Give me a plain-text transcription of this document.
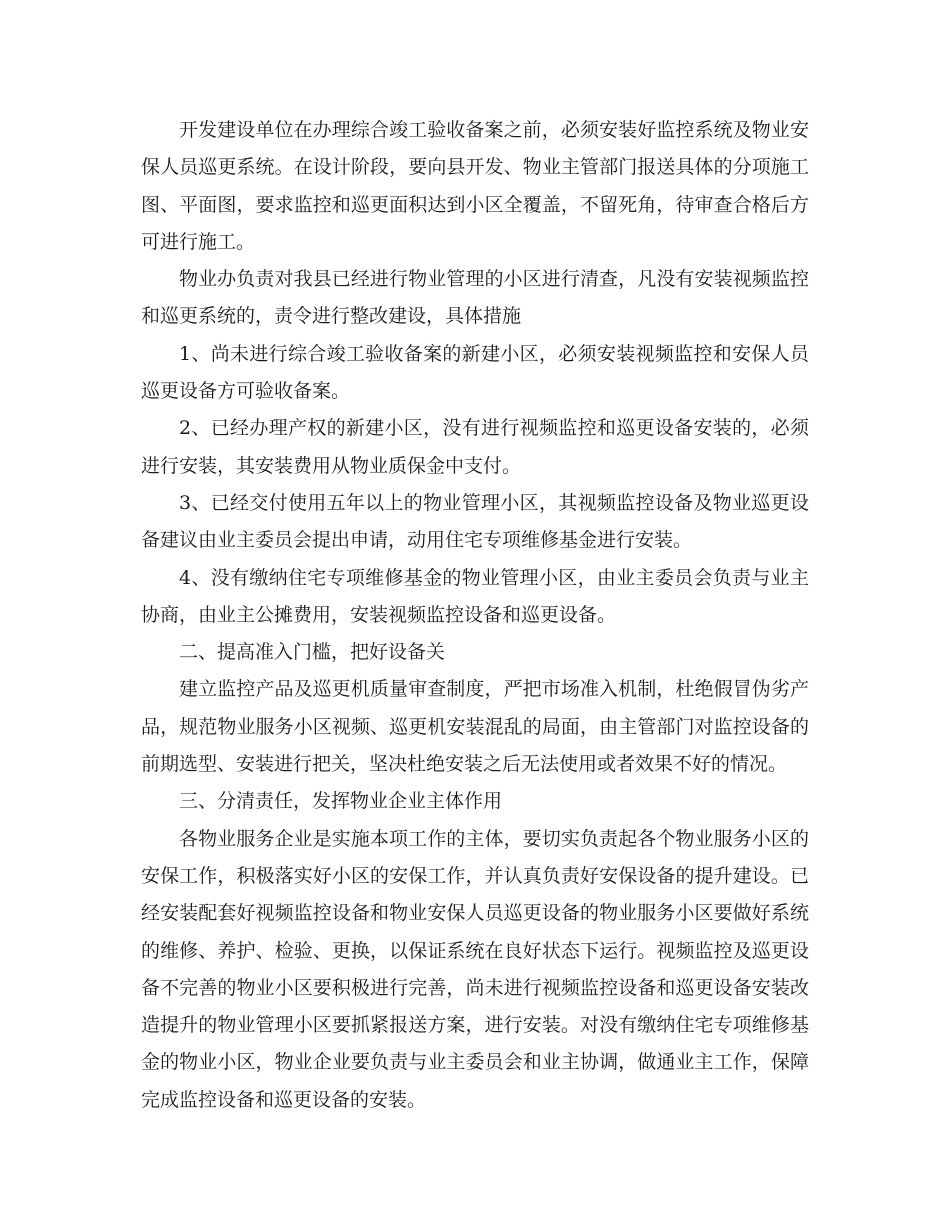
开发建设单位在办理综合竣工验收备案之前，必须安装好监控系统及物业安保人员巡更系统。在设计阶段，要向县开发、物业主管部门报送具体的分项施工图、平面图，要求监控和巡更面积达到小区全覆盖，不留死角，待审查合格后方可进行施工。

物业办负责对我县已经进行物业管理的小区进行清查，凡没有安装视频监控和巡更系统的，责令进行整改建设，具体措施

1、尚未进行综合竣工验收备案的新建小区，必须安装视频监控和安保人员巡更设备方可验收备案。

2、已经办理产权的新建小区，没有进行视频监控和巡更设备安装的，必须进行安装，其安装费用从物业质保金中支付。

3、已经交付使用五年以上的物业管理小区，其视频监控设备及物业巡更设备建议由业主委员会提出申请，动用住宅专项维修基金进行安装。

4、没有缴纳住宅专项维修基金的物业管理小区，由业主委员会负责与业主协商，由业主公摊费用，安装视频监控设备和巡更设备。

二、提高准入门槛，把好设备关

建立监控产品及巡更机质量审查制度，严把市场准入机制，杜绝假冒伪劣产品，规范物业服务小区视频、巡更机安装混乱的局面，由主管部门对监控设备的前期选型、安装进行把关，坚决杜绝安装之后无法使用或者效果不好的情况。

三、分清责任，发挥物业企业主体作用

各物业服务企业是实施本项工作的主体，要切实负责起各个物业服务小区的安保工作，积极落实好小区的安保工作，并认真负责好安保设备的提升建设。已经安装配套好视频监控设备和物业安保人员巡更设备的物业服务小区要做好系统的维修、养护、检验、更换，以保证系统在良好状态下运行。视频监控及巡更设备不完善的物业小区要积极进行完善，尚未进行视频监控设备和巡更设备安装改造提升的物业管理小区要抓紧报送方案，进行安装。对没有缴纳住宅专项维修基金的物业小区，物业企业要负责与业主委员会和业主协调，做通业主工作，保障完成监控设备和巡更设备的安装。
